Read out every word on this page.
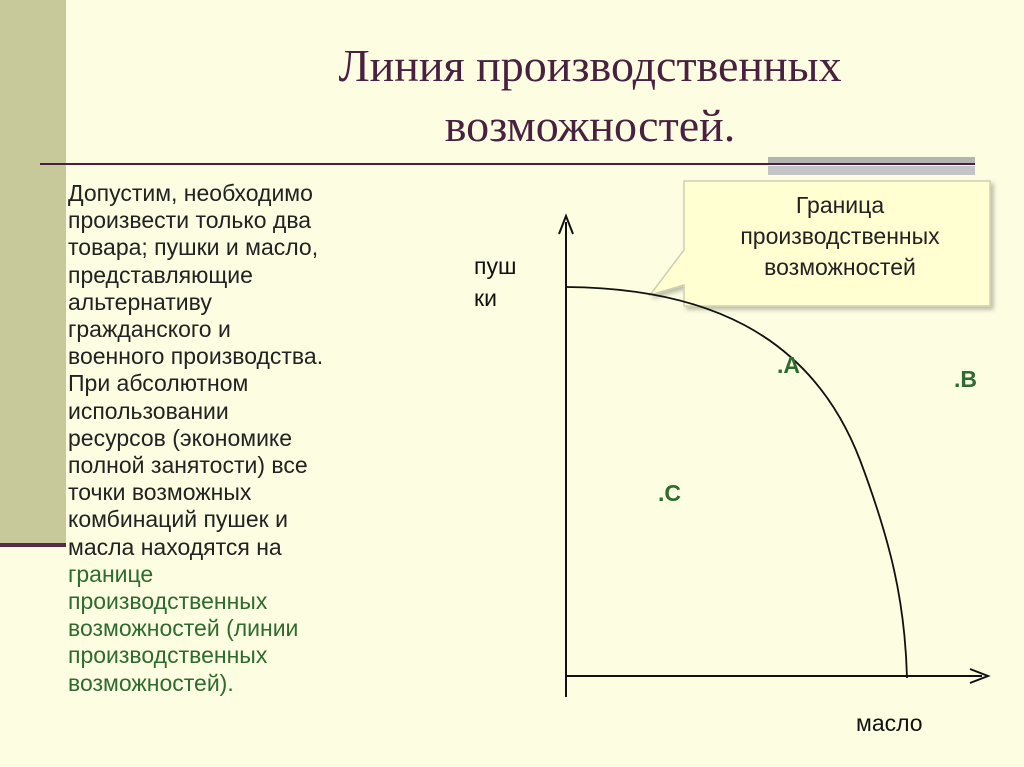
Линия производственных
возможностей.
Допустим, необходимо
произвести только два
товара; пушки и масло,
представляющие
альтернативу
гражданского и
военного производства.
При абсолютном
использовании
ресурсов (экономике
полной занятости) все
точки возможных
комбинаций пушек и
масла находятся на
границе
производственных
возможностей (линии
производственных
возможностей).
Граница
производственных
возможностей
пуш
ки
масло
.A
.B
.C
